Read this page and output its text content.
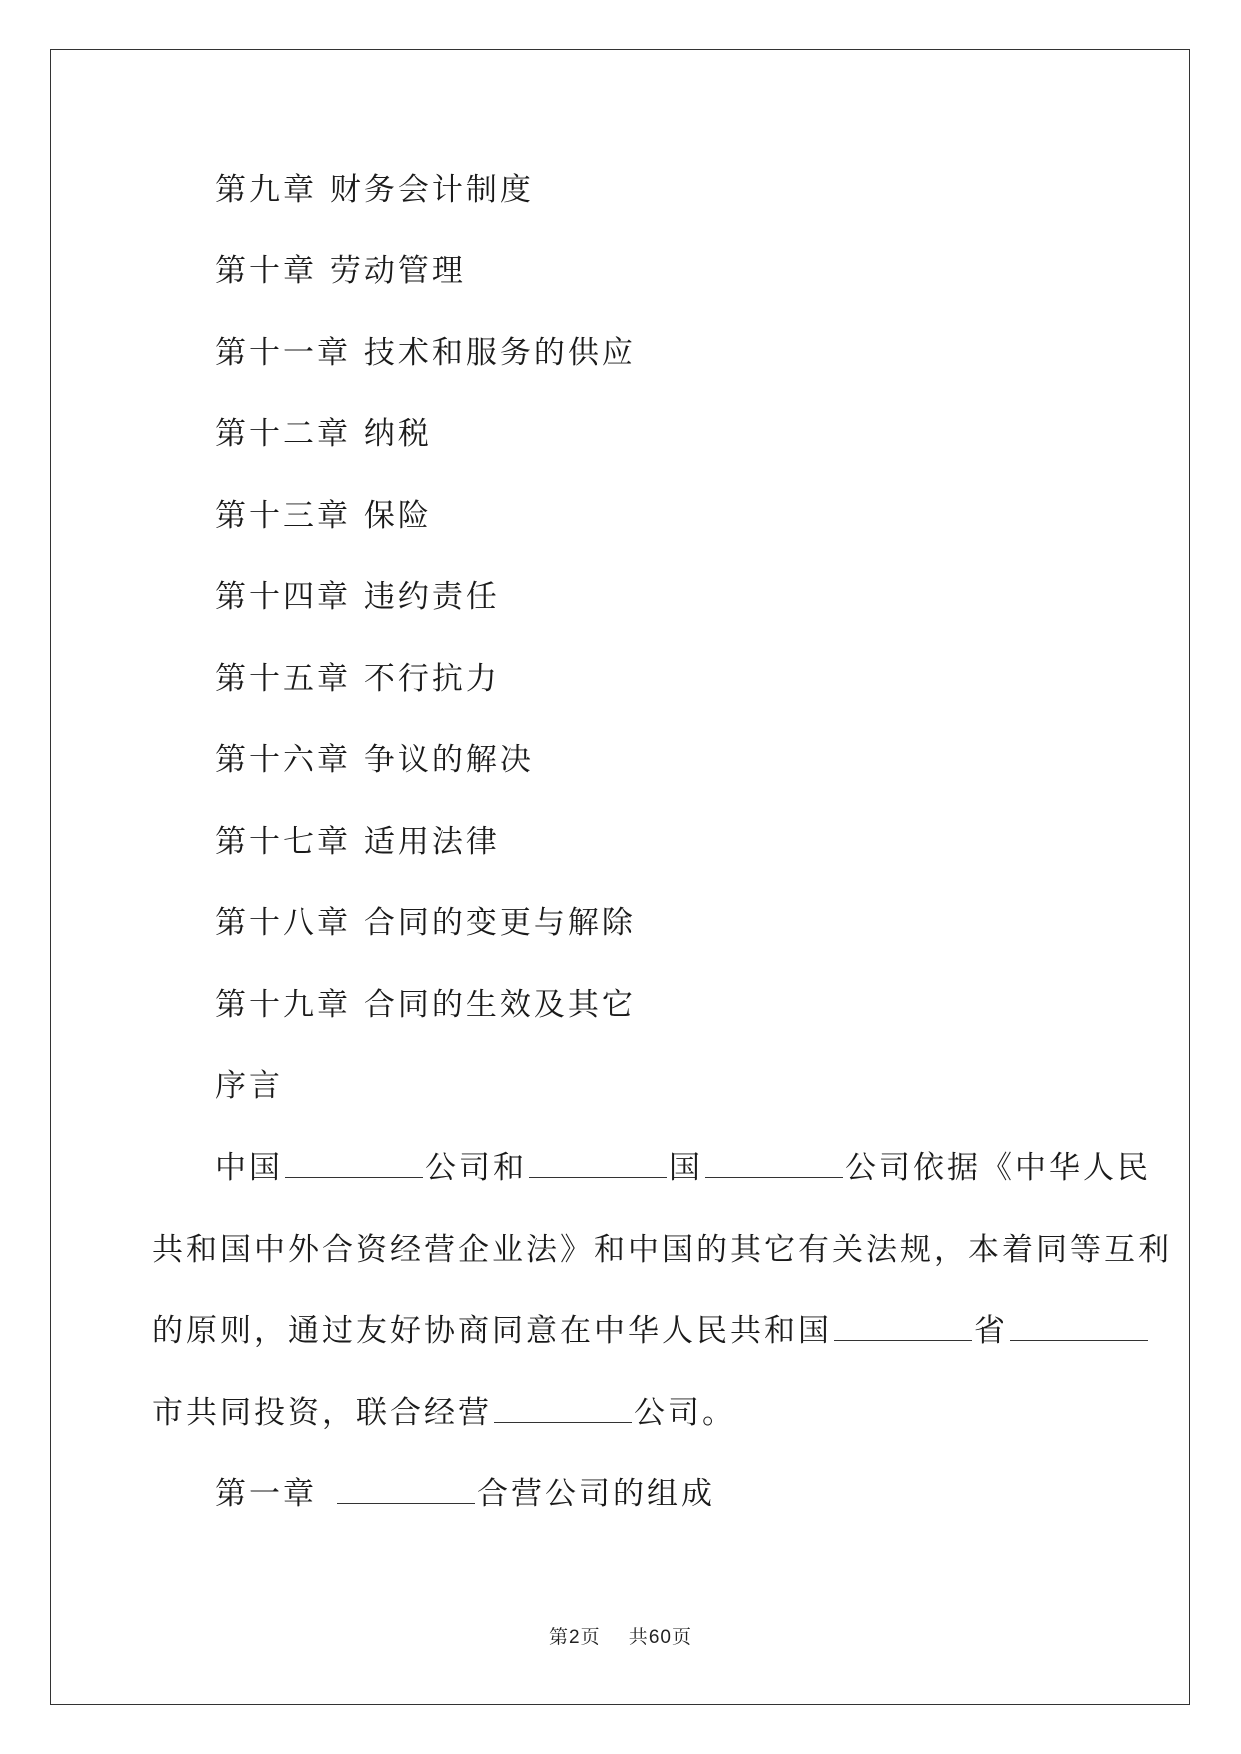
第九章 财务会计制度
第十章 劳动管理
第十一章 技术和服务的供应
第十二章 纳税
第十三章 保险
第十四章 违约责任
第十五章 不行抗力
第十六章 争议的解决
第十七章 适用法律
第十八章 合同的变更与解除
第十九章 合同的生效及其它
序言
中国	公司和	国	公司依据《中华人民
共和国中外合资经营企业法》和中国的其它有关法规，本着同等互利
的原则，通过友好协商同意在中华人民共和国	省
市共同投资，联合经营	公司。
第一章	合营公司的组成
第2页 共60页
